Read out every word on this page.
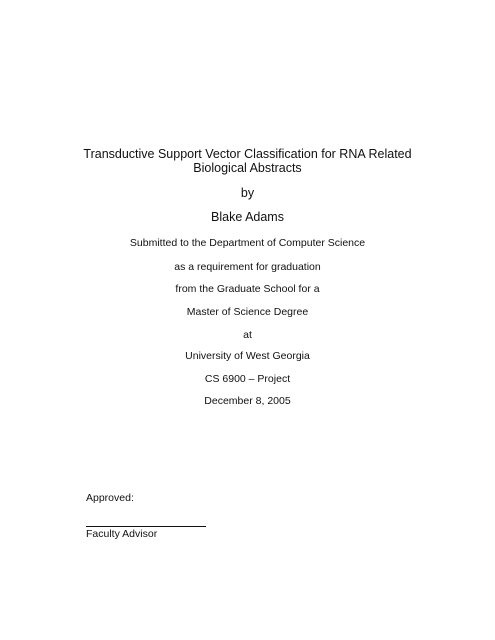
Transductive Support Vector Classification for RNA Related
Biological Abstracts
by
Blake Adams
Submitted to the Department of Computer Science
as a requirement for graduation
from the Graduate School for a
Master of Science Degree
at
University of West Georgia
CS 6900 – Project
December 8, 2005
Approved:
Faculty Advisor
